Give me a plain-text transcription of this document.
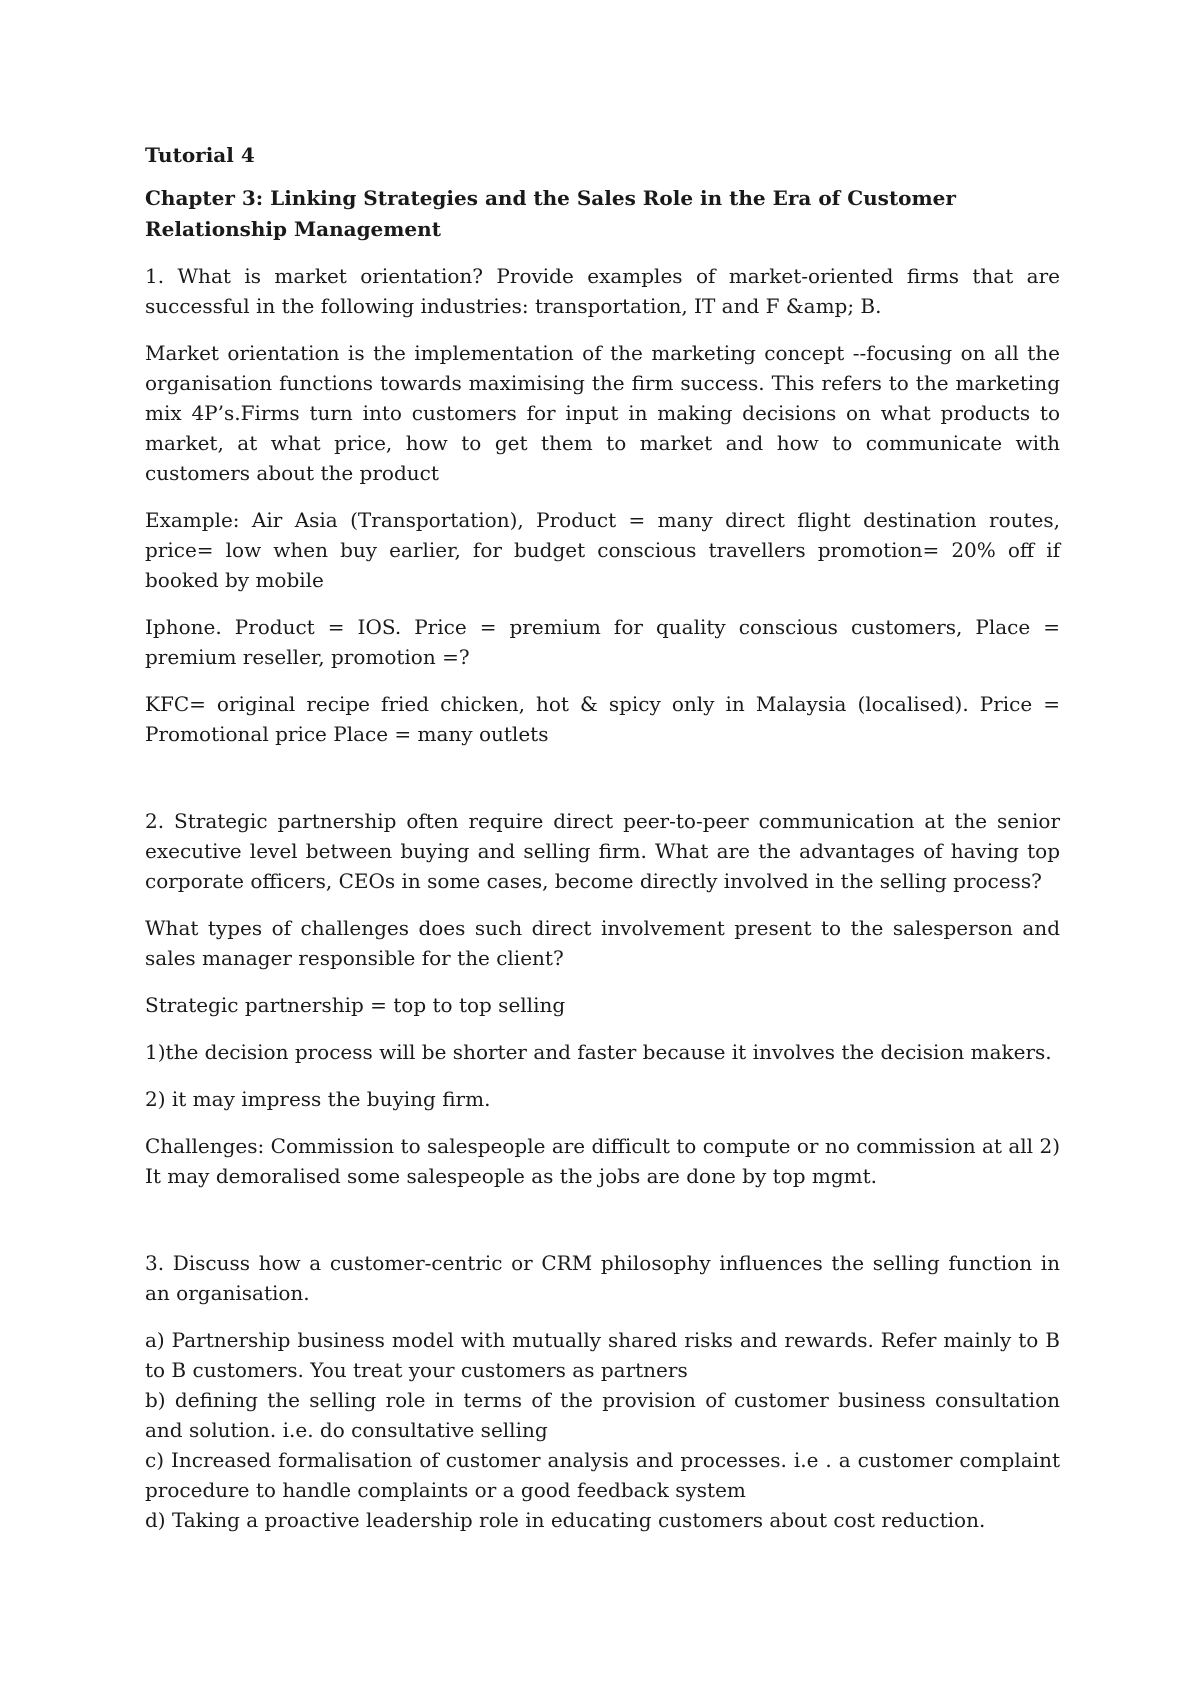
Tutorial 4
Chapter 3: Linking Strategies and the Sales Role in the Era of Customer Relationship Management

1. What is market orientation? Provide examples of market-oriented firms that are successful in the following industries: transportation, IT and F &amp; B.

Market orientation is the implementation of the marketing concept --focusing on all the organisation functions towards maximising the firm success. This refers to the marketing mix 4P’s.Firms turn into customers for input in making decisions on what products to market, at what price, how to get them to market and how to communicate with customers about the product

Example: Air Asia (Transportation), Product = many direct flight destination routes, price= low when buy earlier, for budget conscious travellers promotion= 20% off if booked by mobile

Iphone. Product = IOS. Price = premium for quality conscious customers, Place = premium reseller, promotion =?

KFC= original recipe fried chicken, hot & spicy only in Malaysia (localised). Price = Promotional price Place = many outlets

2. Strategic partnership often require direct peer-to-peer communication at the senior executive level between buying and selling firm. What are the advantages of having top corporate officers, CEOs in some cases, become directly involved in the selling process?

What types of challenges does such direct involvement present to the salesperson and sales manager responsible for the client?

Strategic partnership = top to top selling

1)the decision process will be shorter and faster because it involves the decision makers.

2) it may impress the buying firm.

Challenges: Commission to salespeople are difficult to compute or no commission at all 2) It may demoralised some salespeople as the jobs are done by top mgmt.

3. Discuss how a customer-centric or CRM philosophy influences the selling function in an organisation.

a) Partnership business model with mutually shared risks and rewards. Refer mainly to B to B customers. You treat your customers as partners

b) defining the selling role in terms of the provision of customer business consultation and solution. i.e. do consultative selling

c) Increased formalisation of customer analysis and processes. i.e . a customer complaint procedure to handle complaints or a good feedback system

d) Taking a proactive leadership role in educating customers about cost reduction.
